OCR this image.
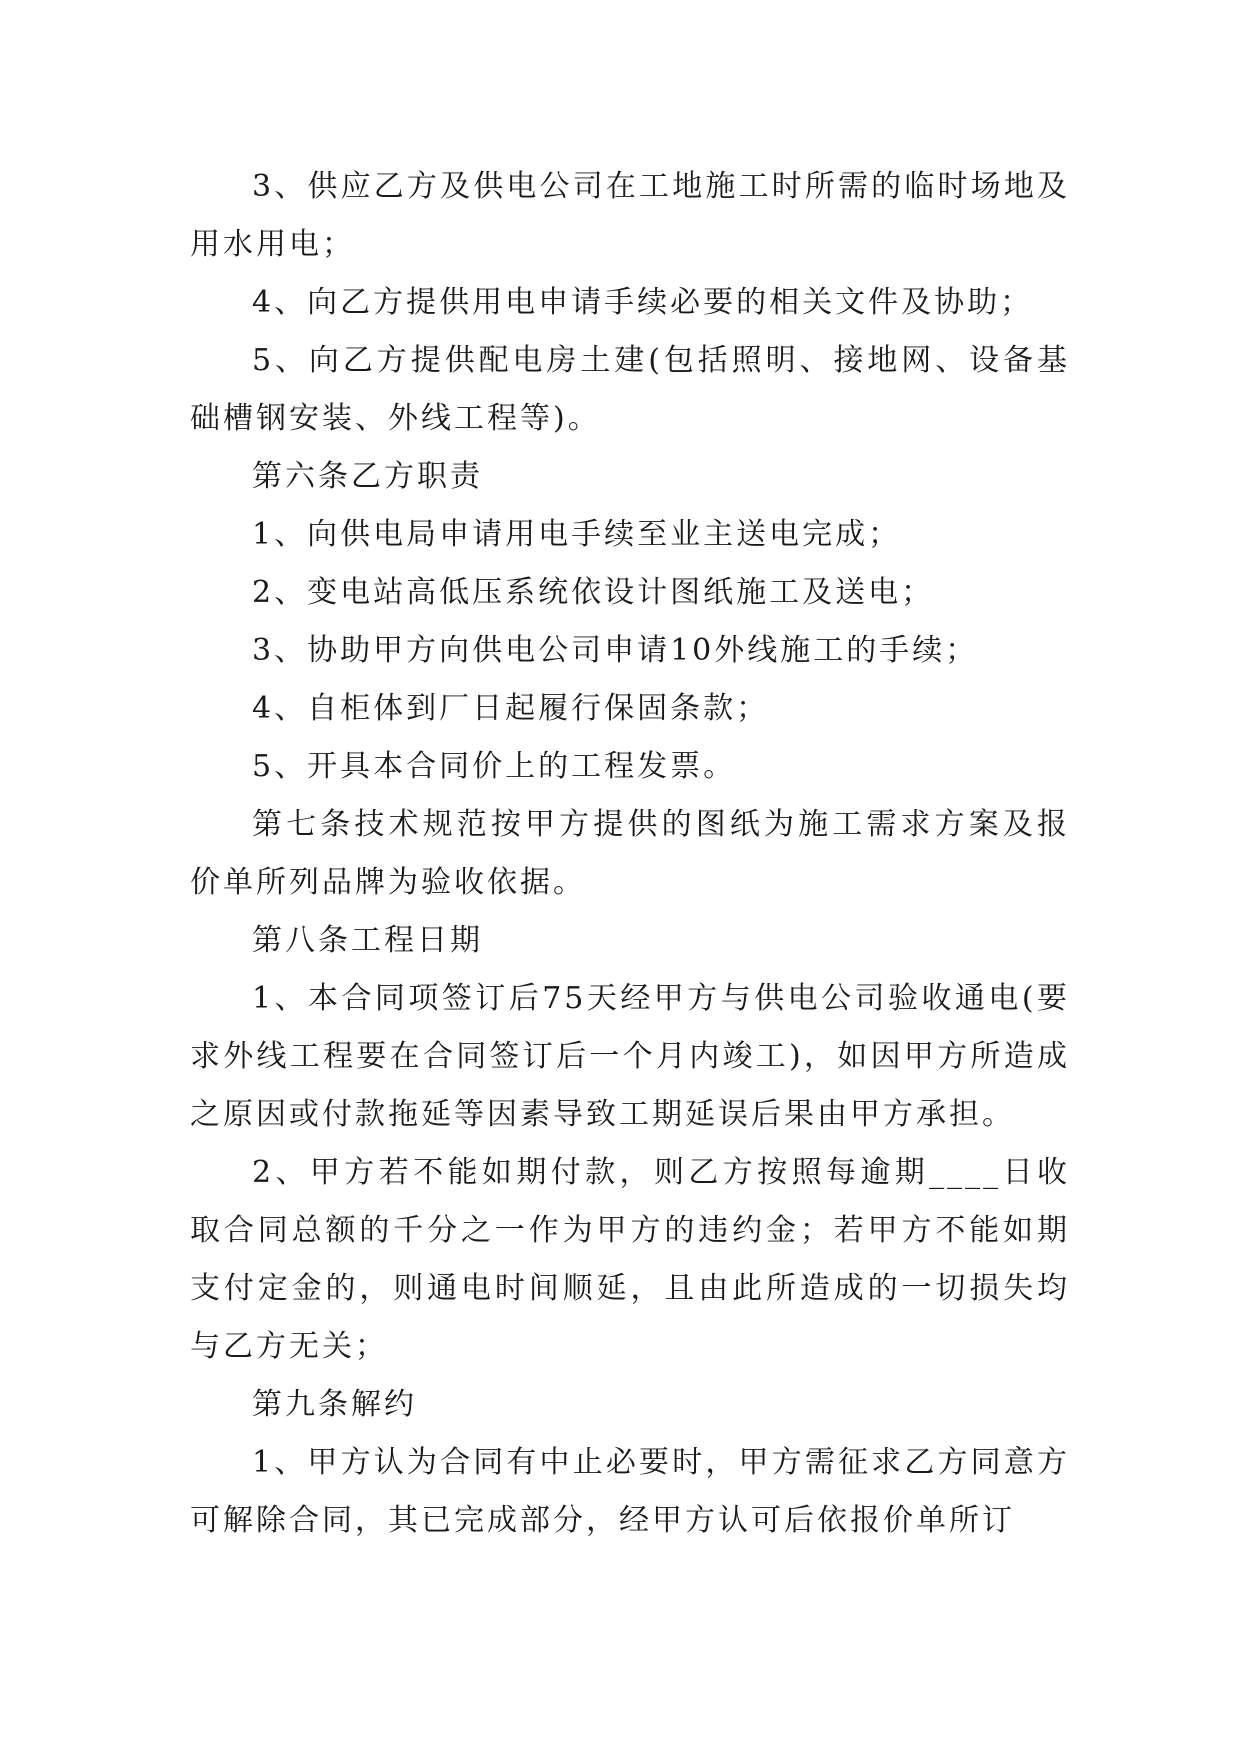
3、供应乙方及供电公司在工地施工时所需的临时场地及用水用电；

4、向乙方提供用电申请手续必要的相关文件及协助；

5、向乙方提供配电房土建(包括照明、接地网、设备基础槽钢安装、外线工程等)。

第六条乙方职责

1、向供电局申请用电手续至业主送电完成；

2、变电站高低压系统依设计图纸施工及送电；

3、协助甲方向供电公司申请10外线施工的手续；

4、自柜体到厂日起履行保固条款；

5、开具本合同价上的工程发票。

第七条技术规范按甲方提供的图纸为施工需求方案及报价单所列品牌为验收依据。

第八条工程日期

1、本合同项签订后75天经甲方与供电公司验收通电(要求外线工程要在合同签订后一个月内竣工)，如因甲方所造成之原因或付款拖延等因素导致工期延误后果由甲方承担。

2、甲方若不能如期付款，则乙方按照每逾期____日收取合同总额的千分之一作为甲方的违约金；若甲方不能如期支付定金的，则通电时间顺延，且由此所造成的一切损失均与乙方无关；

第九条解约

1、甲方认为合同有中止必要时，甲方需征求乙方同意方可解除合同，其已完成部分，经甲方认可后依报价单所订
